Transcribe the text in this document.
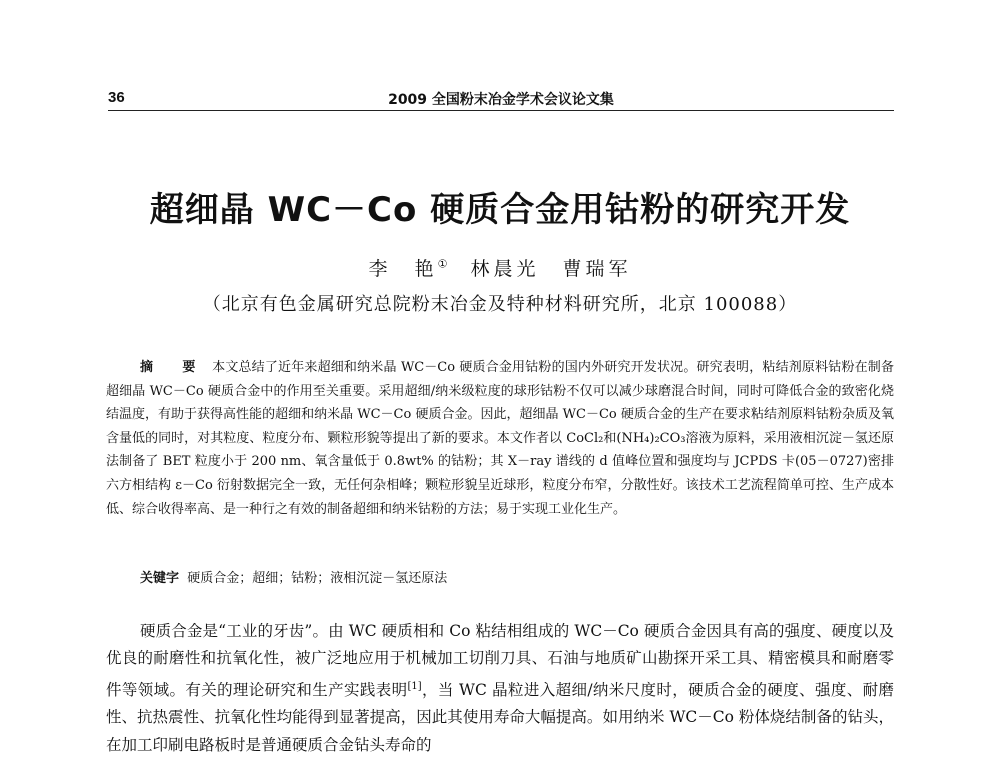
36	2009 全国粉末冶金学术会议论文集
超细晶 WC－Co 硬质合金用钴粉的研究开发
李　艳①　林晨光　曹瑞军
（北京有色金属研究总院粉末冶金及特种材料研究所，北京 100088）
摘　要 本文总结了近年来超细和纳米晶 WC－Co 硬质合金用钴粉的国内外研究开发状况。研究表明，粘结剂原料钴粉在制备超细晶 WC－Co 硬质合金中的作用至关重要。采用超细/纳米级粒度的球形钴粉不仅可以减少球磨混合时间，同时可降低合金的致密化烧结温度，有助于获得高性能的超细和纳米晶 WC－Co 硬质合金。因此，超细晶 WC－Co 硬质合金的生产在要求粘结剂原料钴粉杂质及氧含量低的同时，对其粒度、粒度分布、颗粒形貌等提出了新的要求。本文作者以 CoCl₂和(NH₄)₂CO₃溶液为原料，采用液相沉淀－氢还原法制备了 BET 粒度小于 200 nm、氧含量低于 0.8wt% 的钴粉；其 X－ray 谱线的 d 值峰位置和强度均与 JCPDS 卡(05－0727)密排六方相结构 ε－Co 衍射数据完全一致，无任何杂相峰；颗粒形貌呈近球形，粒度分布窄，分散性好。该技术工艺流程简单可控、生产成本低、综合收得率高、是一种行之有效的制备超细和纳米钴粉的方法；易于实现工业化生产。
关键字 硬质合金；超细；钴粉；液相沉淀－氢还原法
硬质合金是“工业的牙齿”。由 WC 硬质相和 Co 粘结相组成的 WC－Co 硬质合金因具有高的强度、硬度以及优良的耐磨性和抗氧化性，被广泛地应用于机械加工切削刀具、石油与地质矿山勘探开采工具、精密模具和耐磨零件等领域。有关的理论研究和生产实践表明[1]，当 WC 晶粒进入超细/纳米尺度时，硬质合金的硬度、强度、耐磨性、抗热震性、抗氧化性均能得到显著提高，因此其使用寿命大幅提高。如用纳米 WC－Co 粉体烧结制备的钻头，在加工印刷电路板时是普通硬质合金钻头寿命的
